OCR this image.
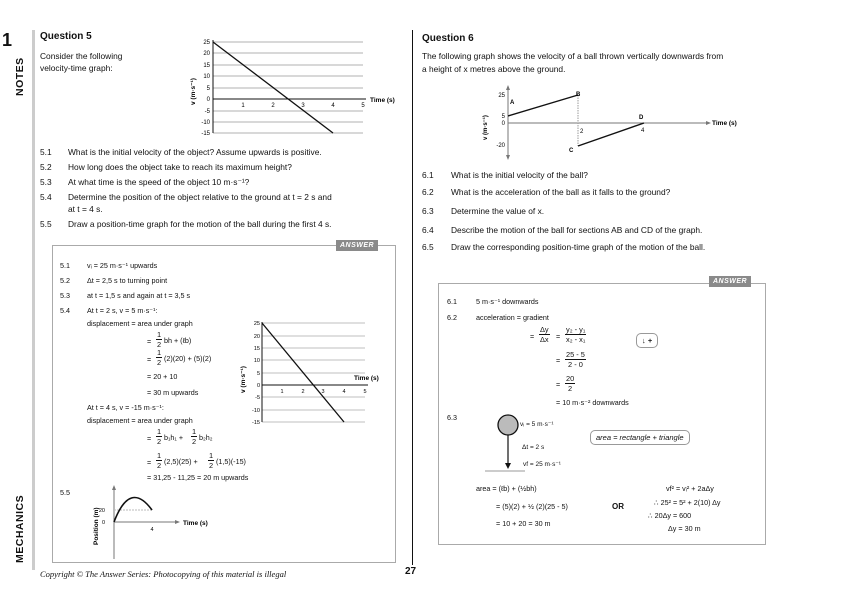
1
NOTES
MECHANICS
Question 5
Consider the following
velocity-time graph:
25
20
15
10
5
0
-5
-10
-15
1	2	3	4	5
Time (s)
v (m·s⁻¹)
5.1 What is the initial velocity of the object? Assume upwards is positive.
5.2 How long does the object take to reach its maximum height?
5.3 At what time is the speed of the object 10 m·s⁻¹?
5.4 Determine the position of the object relative to the ground at t = 2 s and
at t = 4 s.
5.5 Draw a position-time graph for the motion of the ball during the first 4 s.
ANSWER
5.1 vᵢ = 25 m·s⁻¹ upwards
5.2 Δt = 2,5 s to turning point
5.3 at t = 1,5 s and again at t = 3,5 s
5.4 At t = 2 s, v = 5 m·s⁻¹:
displacement = area under graph
= $\frac{1}{2}$ bh + (ℓb)
= $\frac{1}{2} (2)(20) + (5)(2)$
= 20 + 10
= 30 m upwards
At t = 4 s, v = -15 m·s⁻¹:
displacement = area under graph
= $\frac{1}{2} b_1h_1 + \frac{1}{2} b_2h_2$
= $\frac{1}{2} (2,5)(25) + \frac{1}{2} (1,5)(-15)$
= 31,25 - 11,25 = 20 m upwards
25
20
15
10
5
0
-5
-10
-15
1	2	3	4	5
Time (s)
v (m·s⁻¹)
5.5
20
0
4
Time (s)
Position (m)
Question 6
The following graph shows the velocity of a ball thrown vertically downwards from
a height of x metres above the ground.
25
5
0
-20
2	4
A
B
C
D
Time (s)
v (m·s⁻¹)
6.1 What is the initial velocity of the ball?
6.2 What is the acceleration of the ball as it falls to the ground?
6.3 Determine the value of x.
6.4 Describe the motion of the ball for sections AB and CD of the graph.
6.5 Draw the corresponding position-time graph of the motion of the ball.
ANSWER
6.1	5 m·s⁻¹ downwards
6.2	acceleration = gradient
= $\frac{\Delta y}{\Delta x} = \frac{\text{y₂ - y₁}}{\text{x₂ - x₁}}$	↓ +
= $\frac{25 - 5}{2 - 0}$
= $\frac{20}{2}$
= 10 m·s⁻² downwards
6.3
vᵢ = 5 m·s⁻¹
Δt = 2 s
vf = 25 m·s⁻¹
area = rectangle + triangle
area = (ℓb) + (½bh)
= (5)(2) + ½ (2)(25 - 5)
= 10 + 20 = 30 m
OR
vf² = vᵢ² + 2aΔy
∴ 25² = 5² + 2(10) Δy
∴ 20Δy = 600
Δy = 30 m
Copyright © The Answer Series: Photocopying of this material is illegal	27
